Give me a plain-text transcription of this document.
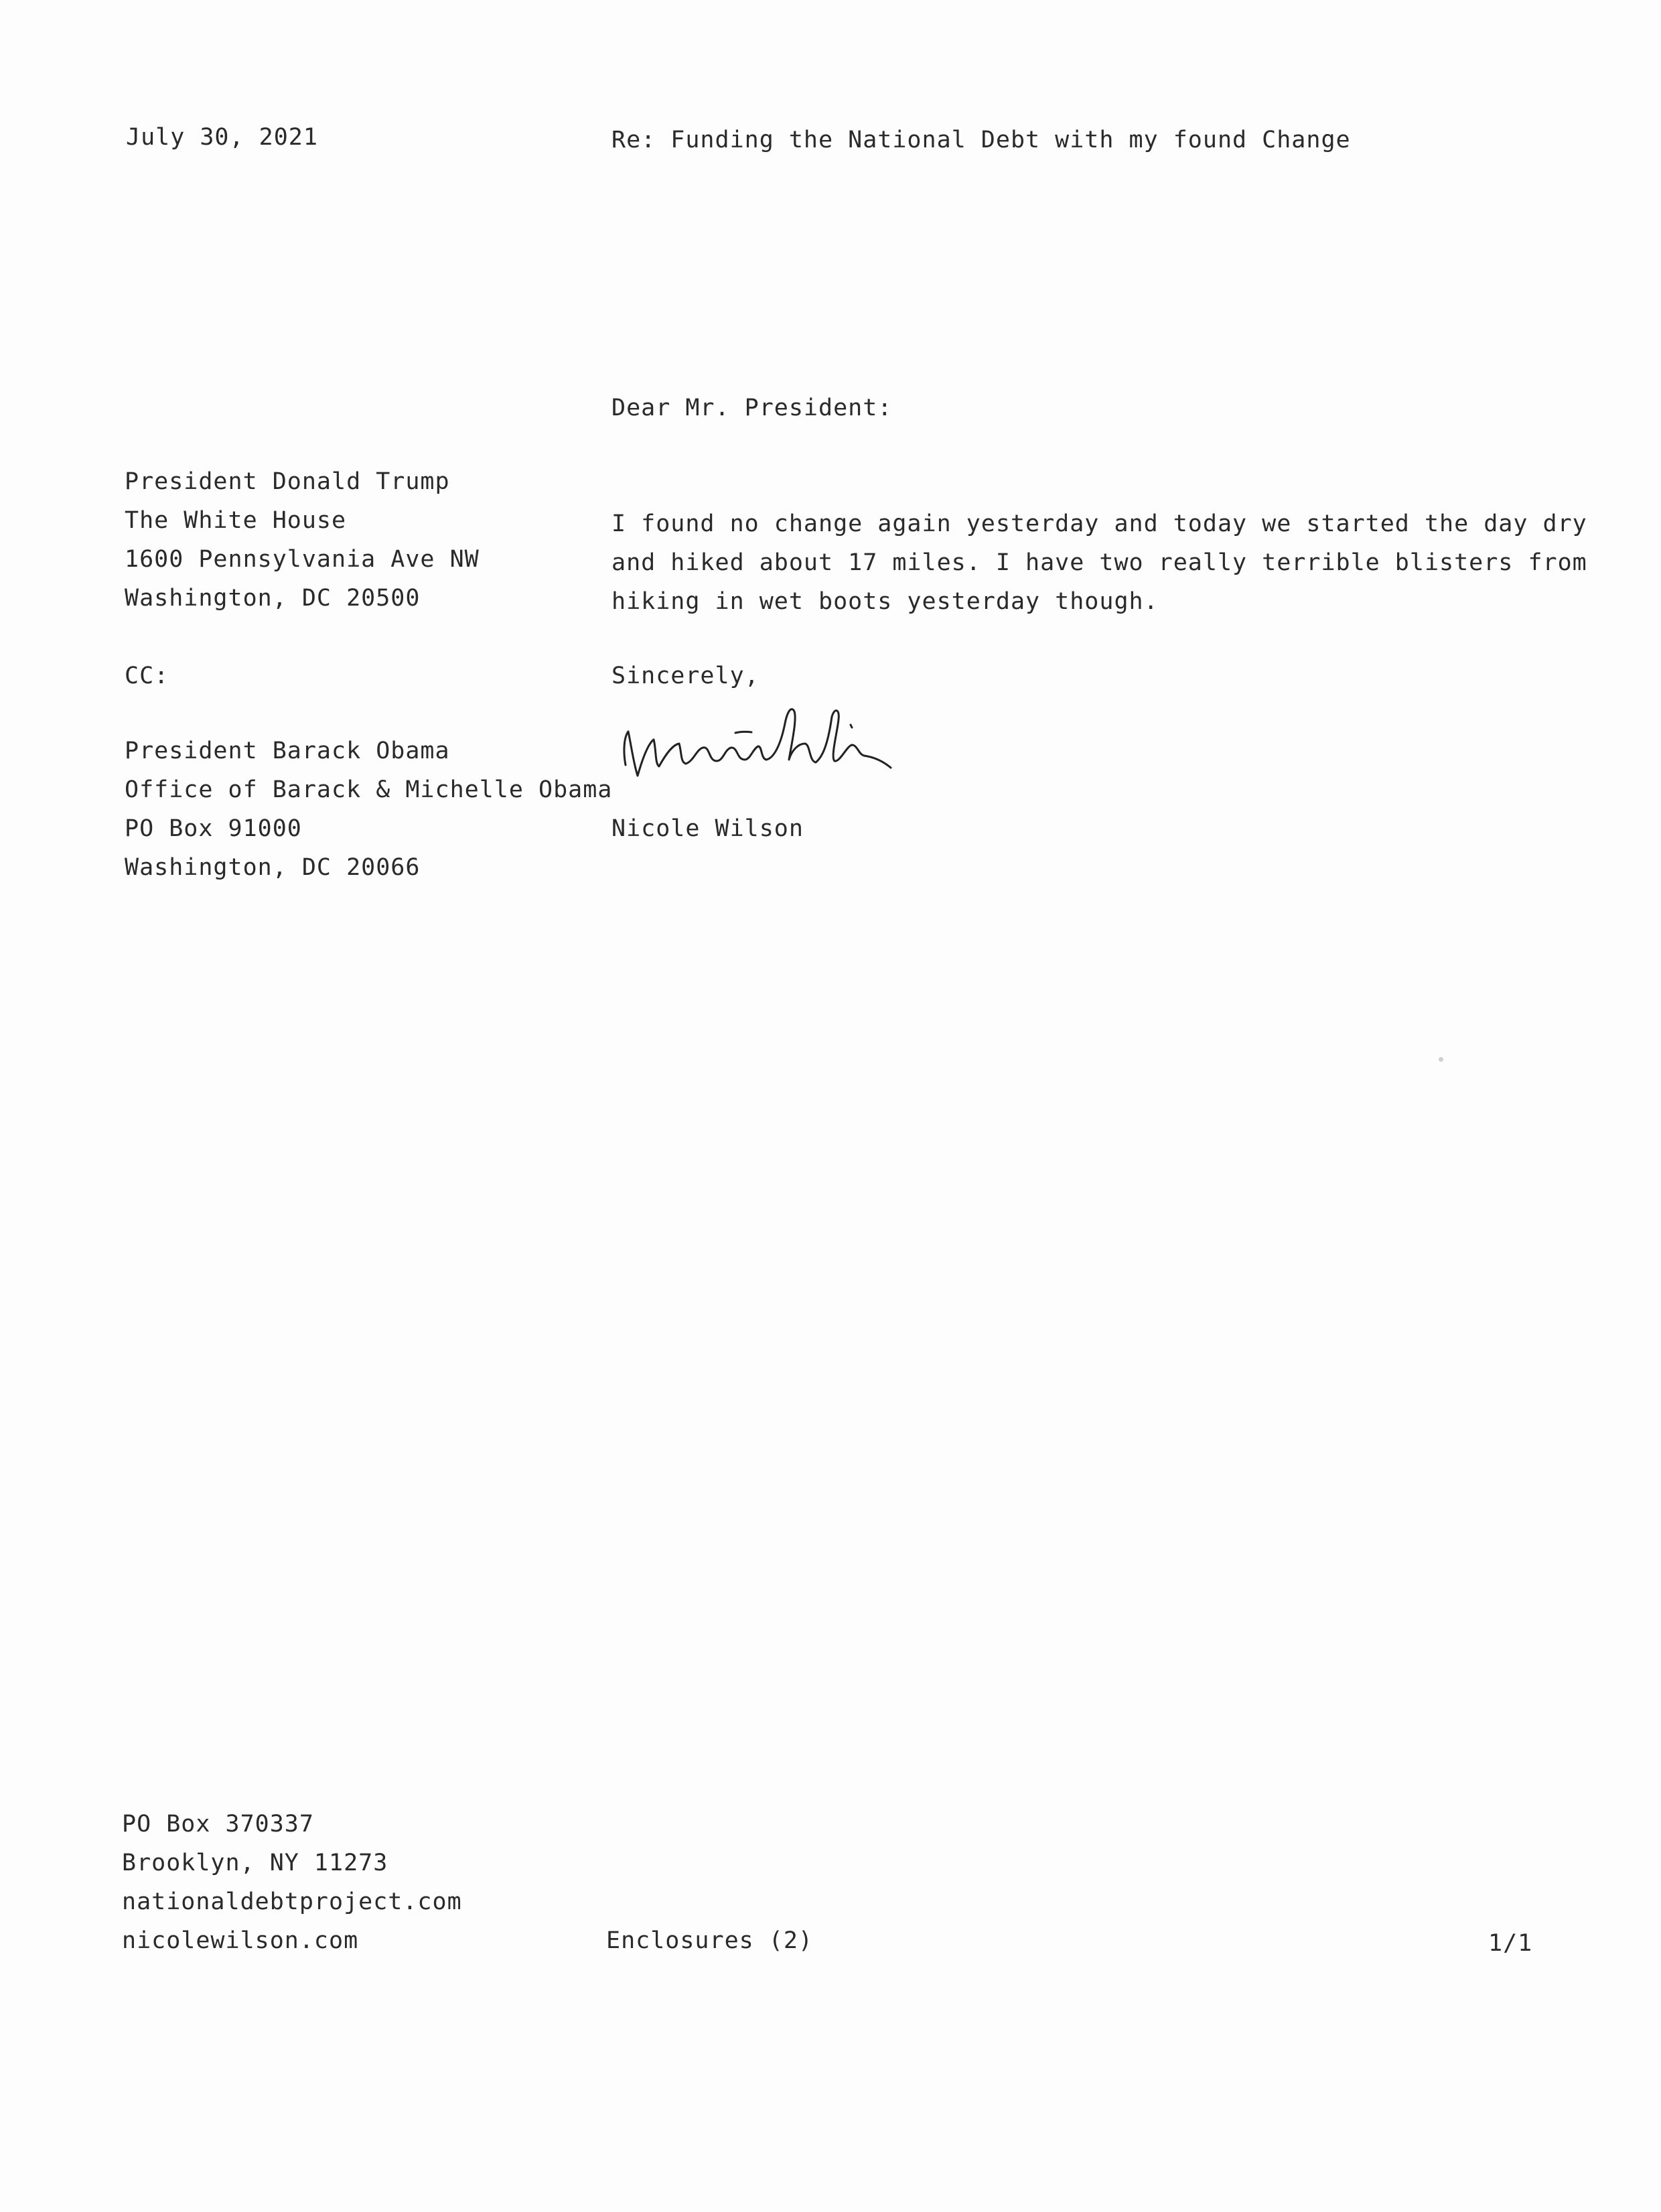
July 30, 2021	Re: Funding the National Debt with my found Change

Dear Mr. President:

President Donald Trump
The White House
1600 Pennsylvania Ave NW
Washington, DC 20500
I found no change again yesterday and today we started the day dry
and hiked about 17 miles. I have two really terrible blisters from
hiking in wet boots yesterday though.

CC:	Sincerely,

President Barack Obama
Office of Barack & Michelle Obama
PO Box 91000
Washington, DC 20066

Nicole Wilson

PO Box 370337
Brooklyn, NY 11273
nationaldebtproject.com
nicolewilson.com	Enclosures (2)	1/1
